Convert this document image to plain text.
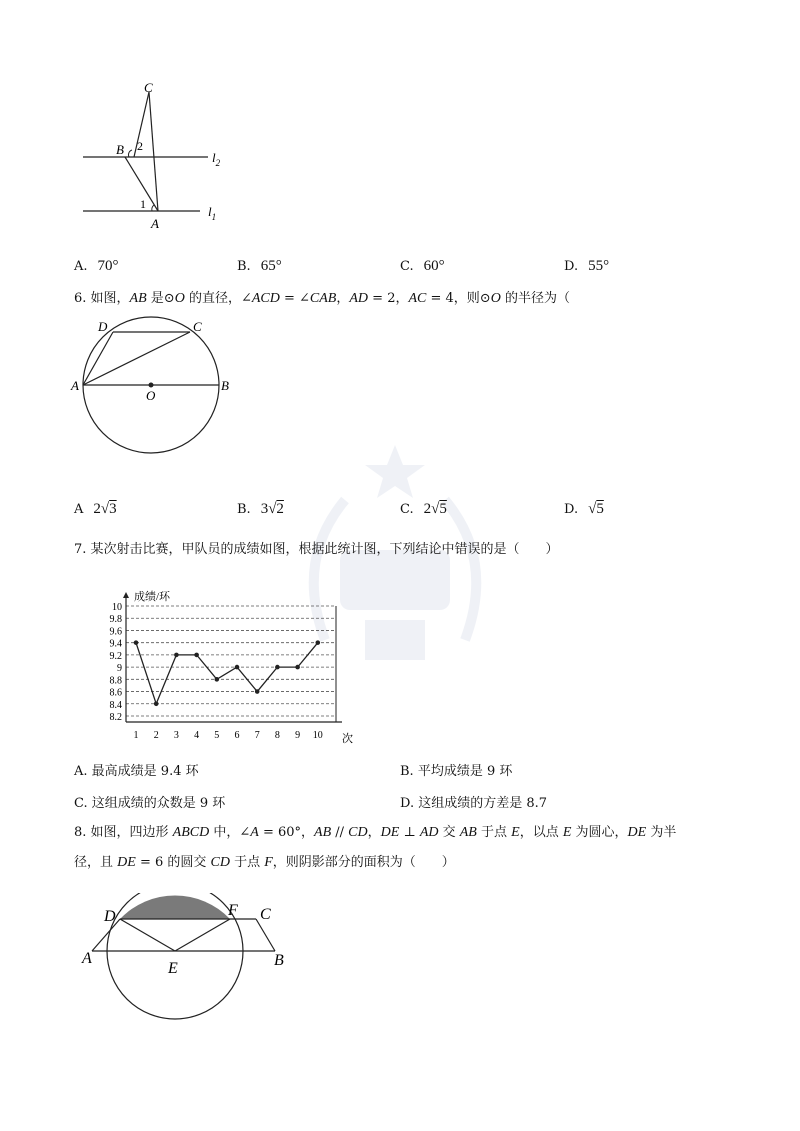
C
B 2
1
A
$l_2$
$l_1$
A. 70°	B. 65°	C. 60°	D. 55°
6. 如图，AB 是⊙O 的直径，∠ACD = ∠CAB，AD = 2，AC = 4，则⊙O 的半径为（
D	C
A	B
O
A 2√3	B. 3√2	C. 2√5	D. √5
7. 某次射击比赛，甲队员的成绩如图，根据此统计图，下列结论中错误的是（　　）
8.2
8.4
8.6
8.8
9
9.2
9.4
9.6
9.8
10
1 2 3 4 5 6 7 8 9 10
成绩/环
次
A. 最高成绩是 9.4 环	B. 平均成绩是 9 环
C. 这组成绩的众数是 9 环	D. 这组成绩的方差是 8.7
8. 如图，四边形 ABCD 中，∠A = 60°，AB // CD，DE ⊥ AD 交 AB 于点 E，以点 E 为圆心，DE 为半
径，且 DE = 6 的圆交 CD 于点 F，则阴影部分的面积为（　　）
D	F C
A
E	B
